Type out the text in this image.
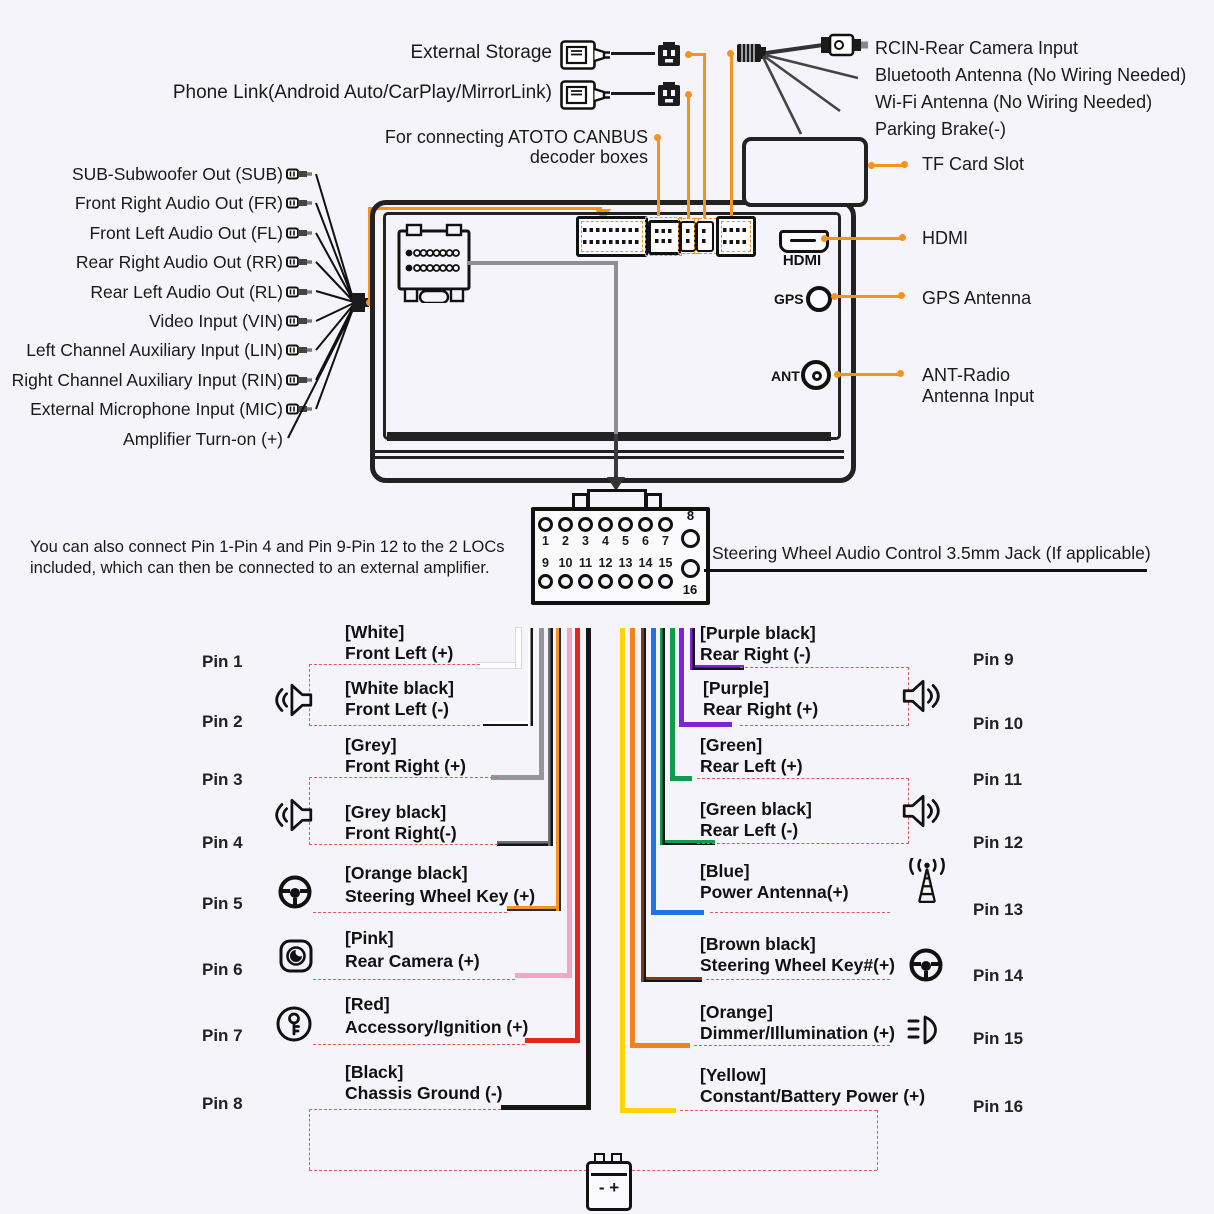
External Storage
Phone Link(Android Auto/CarPlay/MirrorLink)
For connecting ATOTO CANBUS
decoder boxes
RCIN-Rear Camera Input
Bluetooth Antenna (No Wiring Needed)
Wi-Fi Antenna (No Wiring Needed)
Parking Brake(-)
SUB-Subwoofer Out (SUB)
Front Right Audio Out (FR)
Front Left Audio Out (FL)
Rear Right Audio Out (RR)
Rear Left Audio Out (RL)
Video Input (VIN)
Left Channel Auxiliary Input (LIN)
Right Channel Auxiliary Input (RIN)
External Microphone Input (MIC)
Amplifier Turn-on (+)
TF Card Slot
HDMI
HDMI
GPS	GPS Antenna
ANT	ANT-Radio
Antenna Input
1	2	3	4	5	6	7
8
9 10 11 12 13 14 15
16
You can also connect Pin 1-Pin 4 and Pin 9-Pin 12 to the 2 LOCs
included, which can then be connected to an external amplifier.
Steering Wheel Audio Control 3.5mm Jack (If applicable)
Pin 1
[White]
Front Left (+)
Pin 2
[White black]
Front Left (-)
Pin 3
[Grey]
Front Right (+)
Pin 4
[Grey black]
Front Right(-)
Pin 5
[Orange black]
Steering Wheel Key (+)
Pin 6
[Pink]
Rear Camera (+)
Pin 7
[Red]
Accessory/Ignition (+)
Pin 8
[Black]
Chassis Ground (-)
Pin 9
[Purple black]
Rear Right (-)
Pin 10
[Purple]
Rear Right (+)
Pin 11
[Green]
Rear Left (+)
Pin 12
[Green black]
Rear Left (-)
Pin 13
[Blue]
Power Antenna(+)
Pin 14
[Brown black]
Steering Wheel Key#(+)
Pin 15
[Orange]
Dimmer/Illumination (+)
Pin 16
[Yellow]
Constant/Battery Power (+)
- +
